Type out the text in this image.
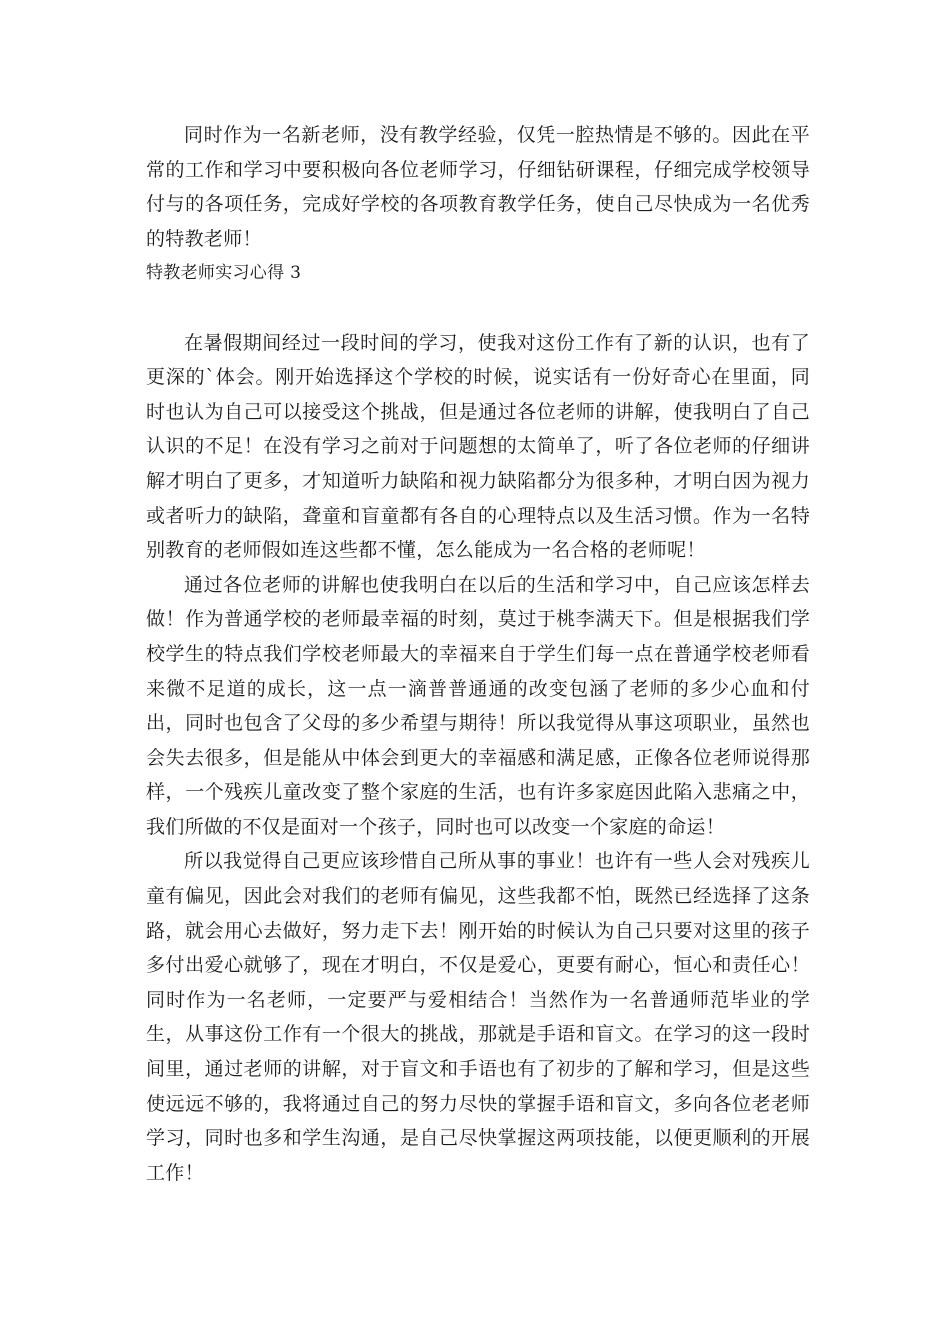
同时作为一名新老师，没有教学经验，仅凭一腔热情是不够的。因此在平常的工作和学习中要积极向各位老师学习，仔细钻研课程，仔细完成学校领导付与的各项任务，完成好学校的各项教育教学任务，使自己尽快成为一名优秀的特教老师！

特教老师实习心得 3

在暑假期间经过一段时间的学习，使我对这份工作有了新的认识，也有了更深的`体会。刚开始选择这个学校的时候，说实话有一份好奇心在里面，同时也认为自己可以接受这个挑战，但是通过各位老师的讲解，使我明白了自己认识的不足！在没有学习之前对于问题想的太简单了，听了各位老师的仔细讲解才明白了更多，才知道听力缺陷和视力缺陷都分为很多种，才明白因为视力或者听力的缺陷，聋童和盲童都有各自的心理特点以及生活习惯。作为一名特别教育的老师假如连这些都不懂，怎么能成为一名合格的老师呢！

通过各位老师的讲解也使我明白在以后的生活和学习中，自己应该怎样去做！作为普通学校的老师最幸福的时刻，莫过于桃李满天下。但是根据我们学校学生的特点我们学校老师最大的幸福来自于学生们每一点在普通学校老师看来微不足道的成长，这一点一滴普普通通的改变包涵了老师的多少心血和付出，同时也包含了父母的多少希望与期待！所以我觉得从事这项职业，虽然也会失去很多，但是能从中体会到更大的幸福感和满足感，正像各位老师说得那样，一个残疾儿童改变了整个家庭的生活，也有许多家庭因此陷入悲痛之中，我们所做的不仅是面对一个孩子，同时也可以改变一个家庭的命运！

所以我觉得自己更应该珍惜自己所从事的事业！也许有一些人会对残疾儿童有偏见，因此会对我们的老师有偏见，这些我都不怕，既然已经选择了这条路，就会用心去做好，努力走下去！刚开始的时候认为自己只要对这里的孩子多付出爱心就够了，现在才明白，不仅是爱心，更要有耐心，恒心和责任心！同时作为一名老师，一定要严与爱相结合！当然作为一名普通师范毕业的学生，从事这份工作有一个很大的挑战，那就是手语和盲文。在学习的这一段时间里，通过老师的讲解，对于盲文和手语也有了初步的了解和学习，但是这些使远远不够的，我将通过自己的努力尽快的掌握手语和盲文，多向各位老老师学习，同时也多和学生沟通，是自己尽快掌握这两项技能，以便更顺利的开展工作！
